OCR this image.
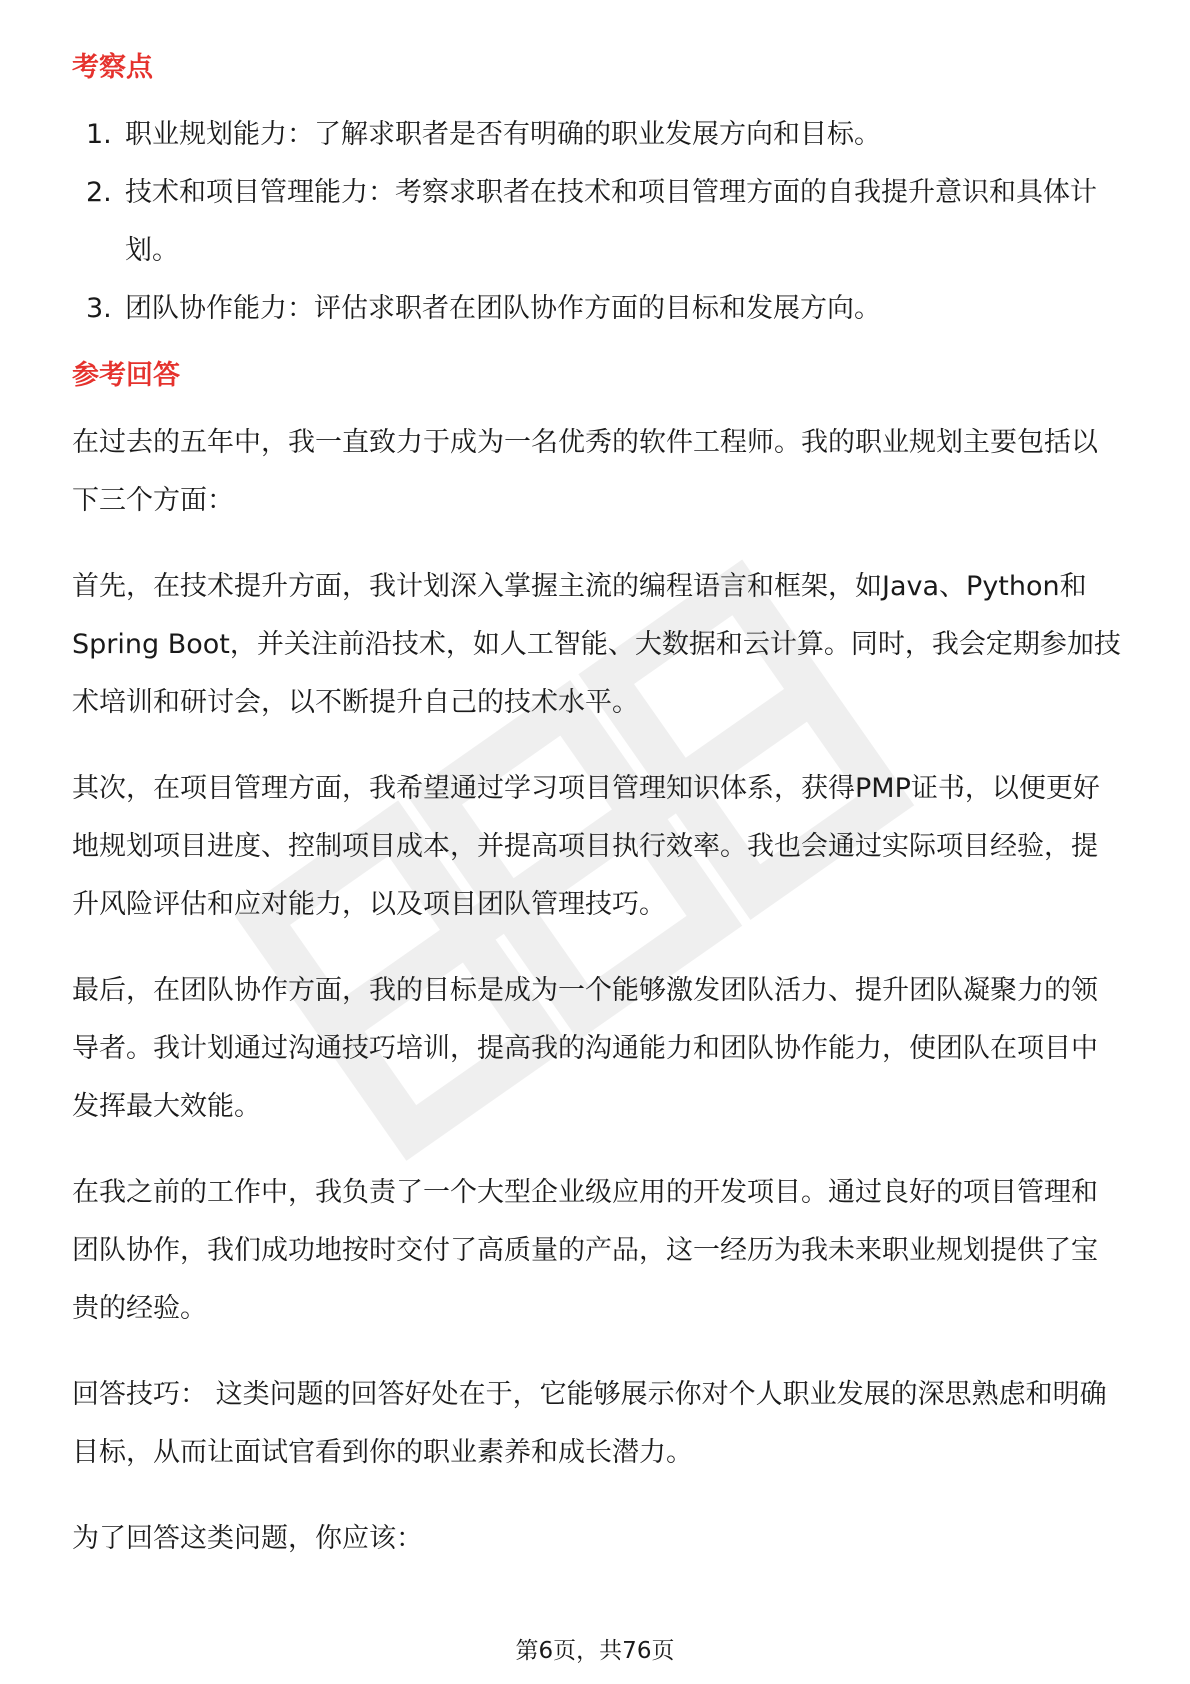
考察点
1. 职业规划能力：了解求职者是否有明确的职业发展方向和目标。
2. 技术和项目管理能力：考察求职者在技术和项目管理方面的自我提升意识和具体计划。
3. 团队协作能力：评估求职者在团队协作方面的目标和发展方向。
参考回答

在过去的五年中，我一直致力于成为一名优秀的软件工程师。我的职业规划主要包括以下三个方面：

首先，在技术提升方面，我计划深入掌握主流的编程语言和框架，如Java、Python和Spring Boot，并关注前沿技术，如人工智能、大数据和云计算。同时，我会定期参加技术培训和研讨会，以不断提升自己的技术水平。

其次，在项目管理方面，我希望通过学习项目管理知识体系，获得PMP证书，以便更好地规划项目进度、控制项目成本，并提高项目执行效率。我也会通过实际项目经验，提升风险评估和应对能力，以及项目团队管理技巧。

最后，在团队协作方面，我的目标是成为一个能够激发团队活力、提升团队凝聚力的领导者。我计划通过沟通技巧培训，提高我的沟通能力和团队协作能力，使团队在项目中发挥最大效能。

在我之前的工作中，我负责了一个大型企业级应用的开发项目。通过良好的项目管理和团队协作，我们成功地按时交付了高质量的产品，这一经历为我未来职业规划提供了宝贵的经验。

回答技巧： 这类问题的回答好处在于，它能够展示你对个人职业发展的深思熟虑和明确目标，从而让面试官看到你的职业素养和成长潜力。

为了回答这类问题，你应该：

第6页，共76页
